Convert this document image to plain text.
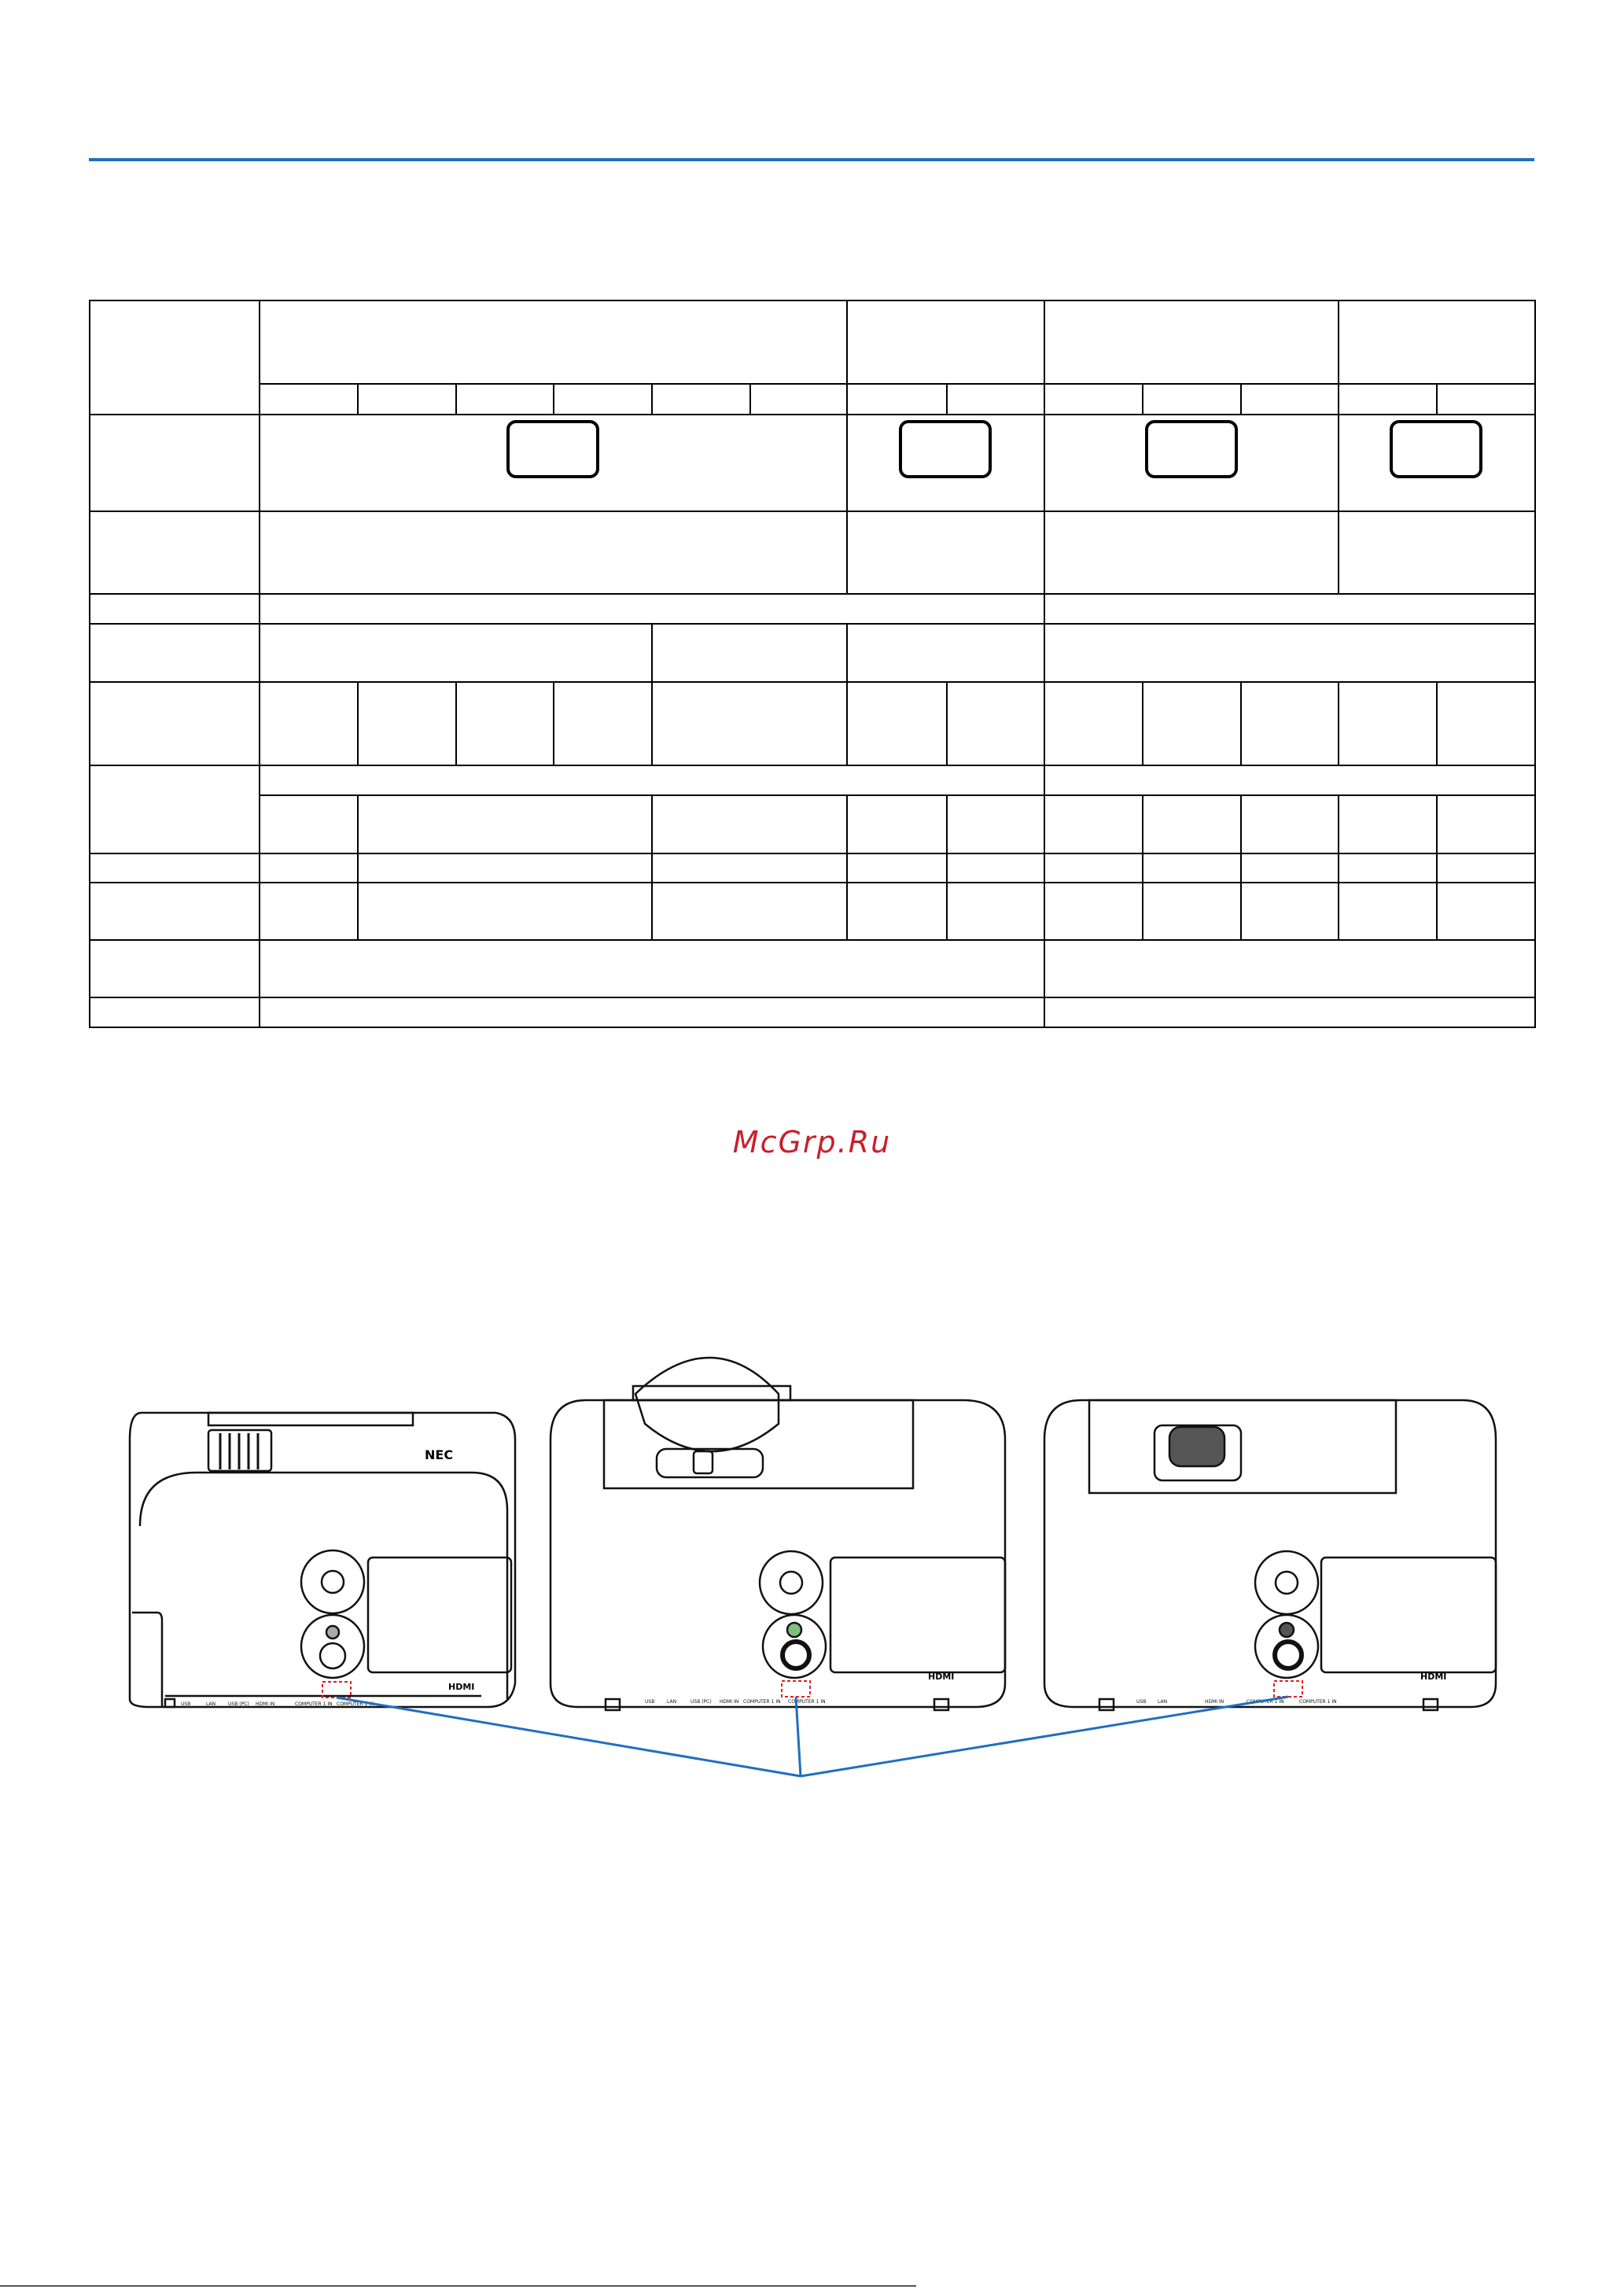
McGrp.Ru
NEC
HDMI
HDMI	HDMI
USB	LAN	USB (PC) HDMI IN	COMPUTER 1 IN COMPUTER 1 IN	USB	LAN	USB (PC) HDMI IN COMPUTER 1 IN COMPUTER 1 IN	USB LAN	HDMI IN	COMPUTER 1 IN	COMPUTER 1 IN
